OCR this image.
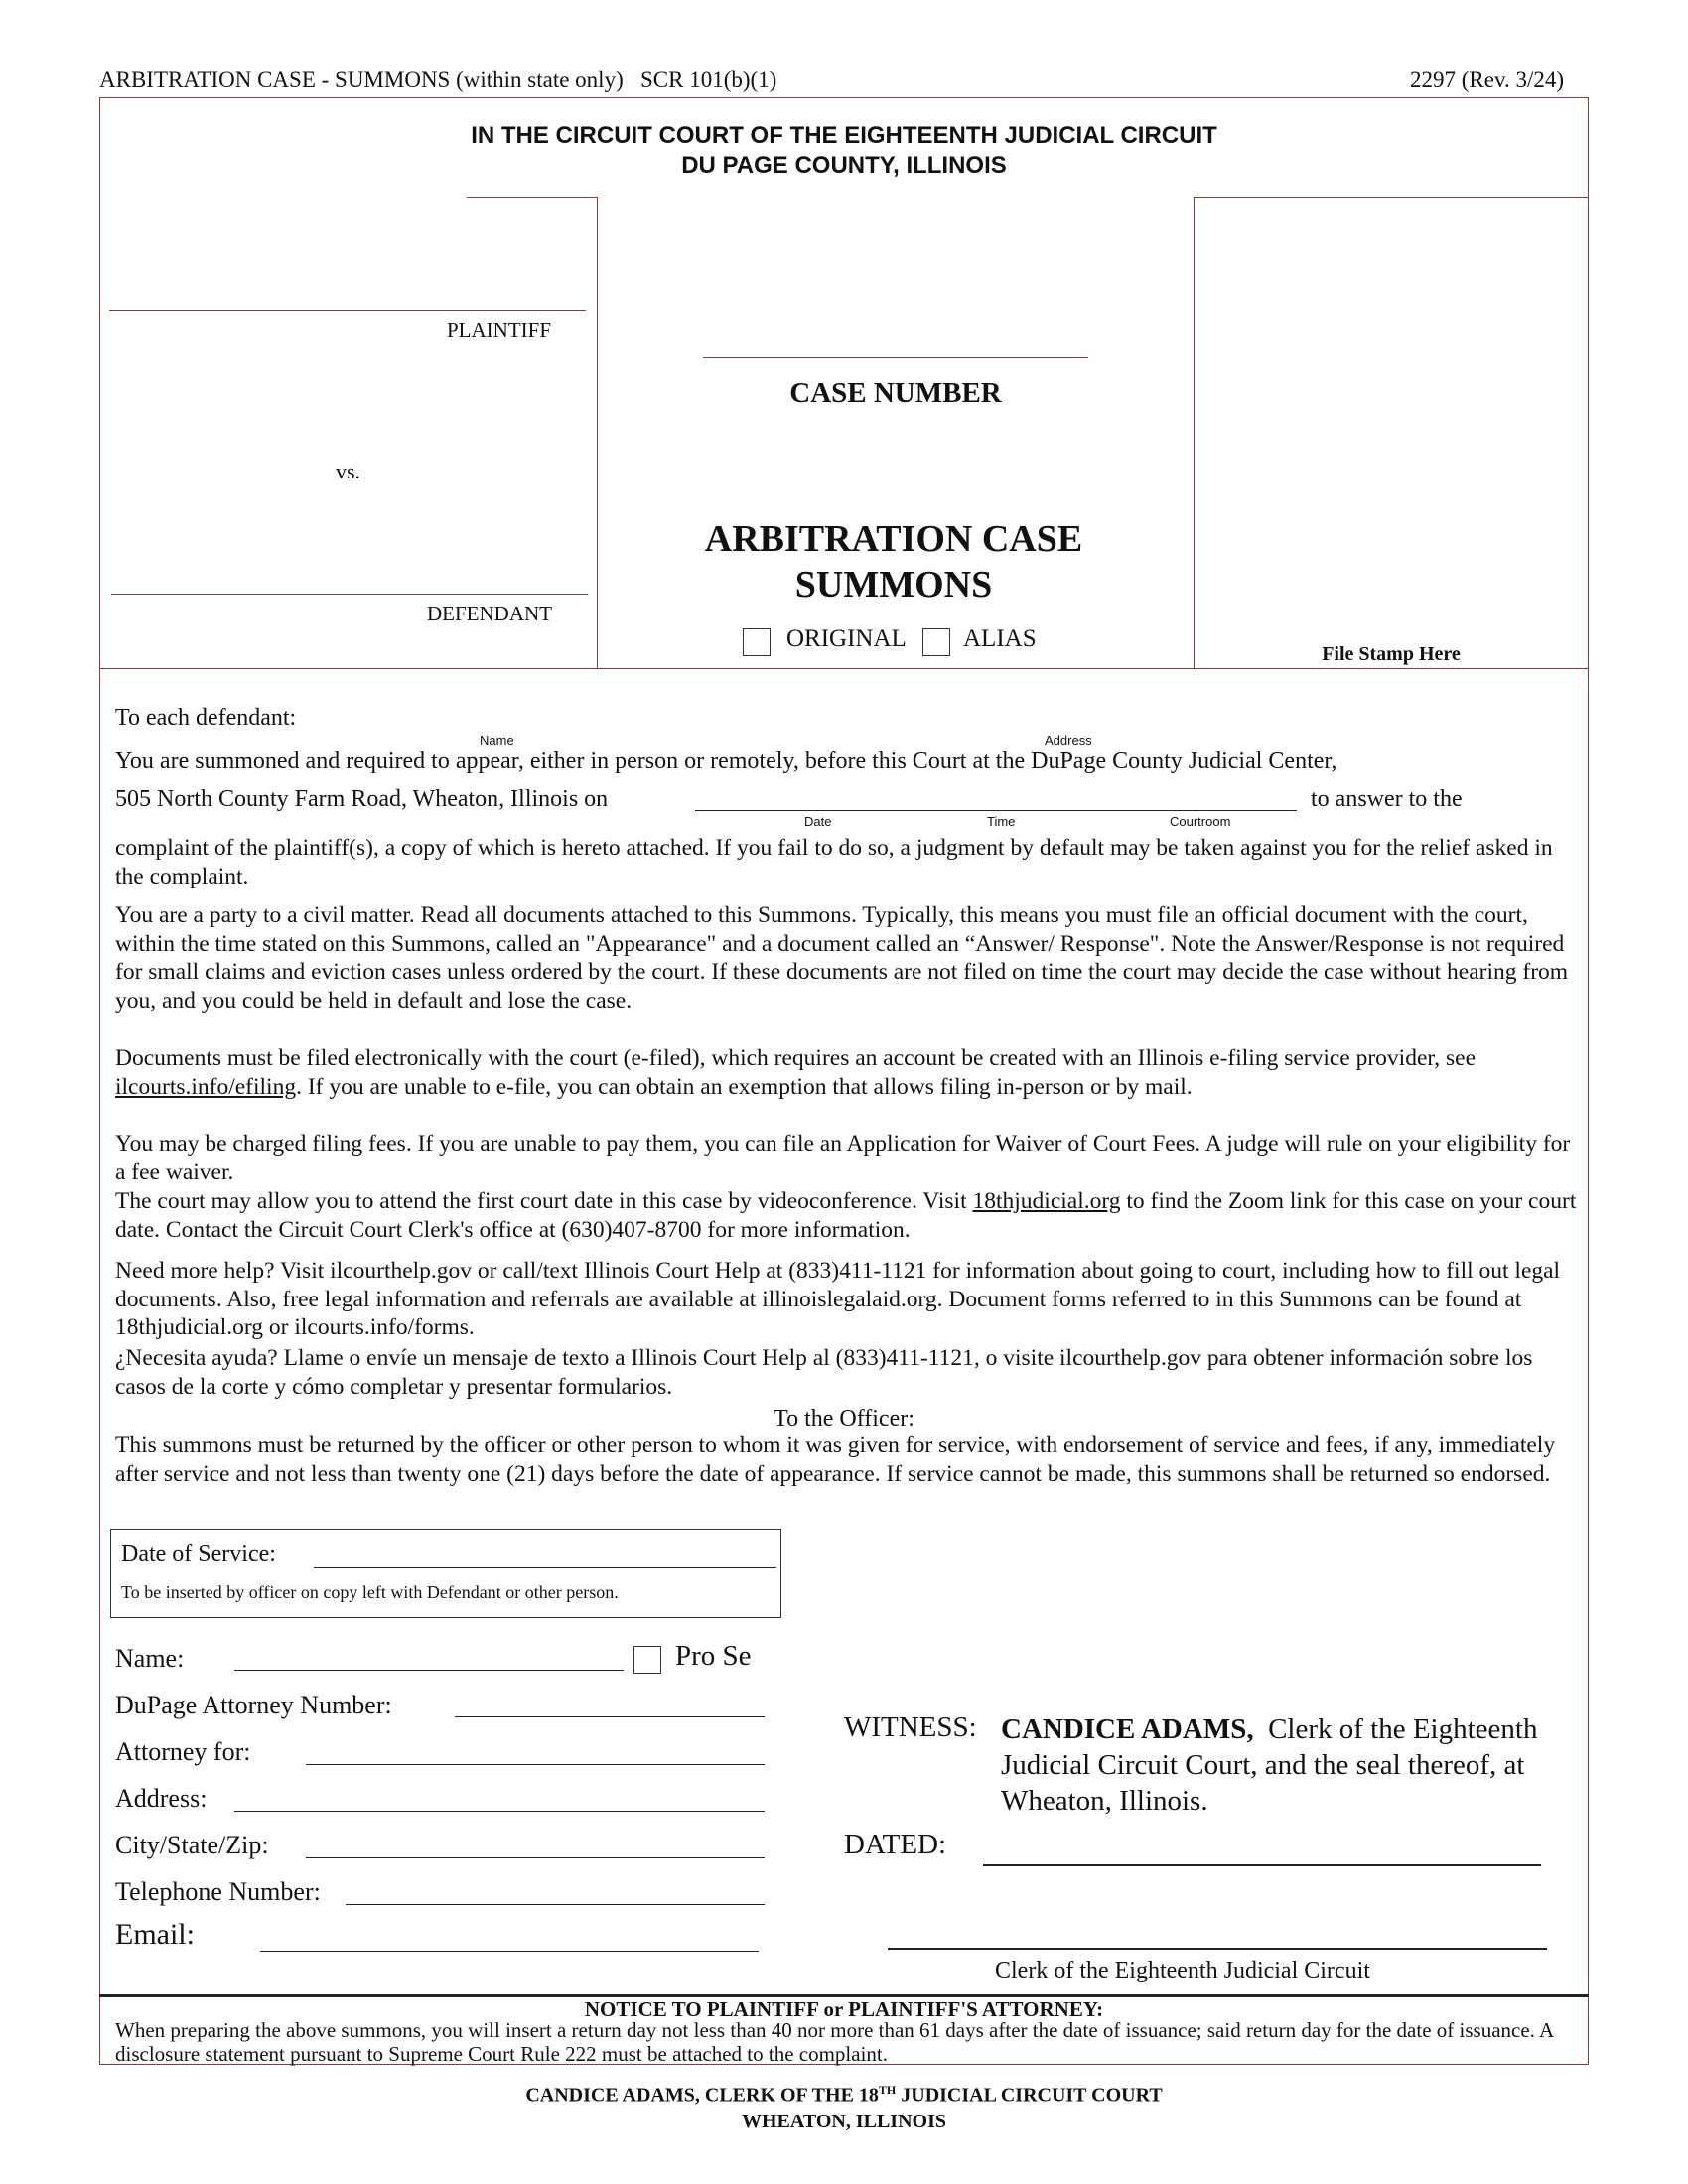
ARBITRATION CASE - SUMMONS (within state only) SCR 101(b)(1)	2297 (Rev. 3/24)
IN THE CIRCUIT COURT OF THE EIGHTEENTH JUDICIAL CIRCUIT
DU PAGE COUNTY, ILLINOIS
PLAINTIFF
vs.
DEFENDANT
CASE NUMBER
ARBITRATION CASE
SUMMONS
ORIGINAL ALIAS
File Stamp Here
To each defendant:
Name	Address
You are summoned and required to appear, either in person or remotely, before this Court at the DuPage County Judicial Center,
505 North County Farm Road, Wheaton, Illinois on	to answer to the
Date	Time	Courtroom
complaint of the plaintiff(s), a copy of which is hereto attached. If you fail to do so, a judgment by default may be taken against you for the relief asked in the complaint.
You are a party to a civil matter. Read all documents attached to this Summons. Typically, this means you must file an official document with the court, within the time stated on this Summons, called an "Appearance" and a document called an “Answer/ Response". Note the Answer/Response is not required for small claims and eviction cases unless ordered by the court. If these documents are not filed on time the court may decide the case without hearing from you, and you could be held in default and lose the case.
Documents must be filed electronically with the court (e-filed), which requires an account be created with an Illinois e-filing service provider, see ilcourts.info/efiling. If you are unable to e-file, you can obtain an exemption that allows filing in-person or by mail.
You may be charged filing fees. If you are unable to pay them, you can file an Application for Waiver of Court Fees. A judge will rule on your eligibility for a fee waiver.
The court may allow you to attend the first court date in this case by videoconference. Visit 18thjudicial.org to find the Zoom link for this case on your court date. Contact the Circuit Court Clerk's office at (630)407-8700 for more information.
Need more help? Visit ilcourthelp.gov or call/text Illinois Court Help at (833)411-1121 for information about going to court, including how to fill out legal documents. Also, free legal information and referrals are available at illinoislegalaid.org. Document forms referred to in this Summons can be found at 18thjudicial.org or ilcourts.info/forms.
¿Necesita ayuda? Llame o envíe un mensaje de texto a Illinois Court Help al (833)411-1121, o visite ilcourthelp.gov para obtener información sobre los casos de la corte y cómo completar y presentar formularios.
To the Officer:
This summons must be returned by the officer or other person to whom it was given for service, with endorsement of service and fees, if any, immediately after service and not less than twenty one (21) days before the date of appearance. If service cannot be made, this summons shall be returned so endorsed.
Date of Service:
To be inserted by officer on copy left with Defendant or other person.
Name:	Pro Se
DuPage Attorney Number:
Attorney for:
Address:
City/State/Zip:
Telephone Number:
Email:
WITNESS: CANDICE ADAMS, Clerk of the Eighteenth
Judicial Circuit Court, and the seal thereof, at
Wheaton, Illinois.
DATED:
Clerk of the Eighteenth Judicial Circuit
NOTICE TO PLAINTIFF or PLAINTIFF'S ATTORNEY:
When preparing the above summons, you will insert a return day not less than 40 nor more than 61 days after the date of issuance; said return day for the date of issuance. A disclosure statement pursuant to Supreme Court Rule 222 must be attached to the complaint.
CANDICE ADAMS, CLERK OF THE 18TH JUDICIAL CIRCUIT COURT
WHEATON, ILLINOIS
